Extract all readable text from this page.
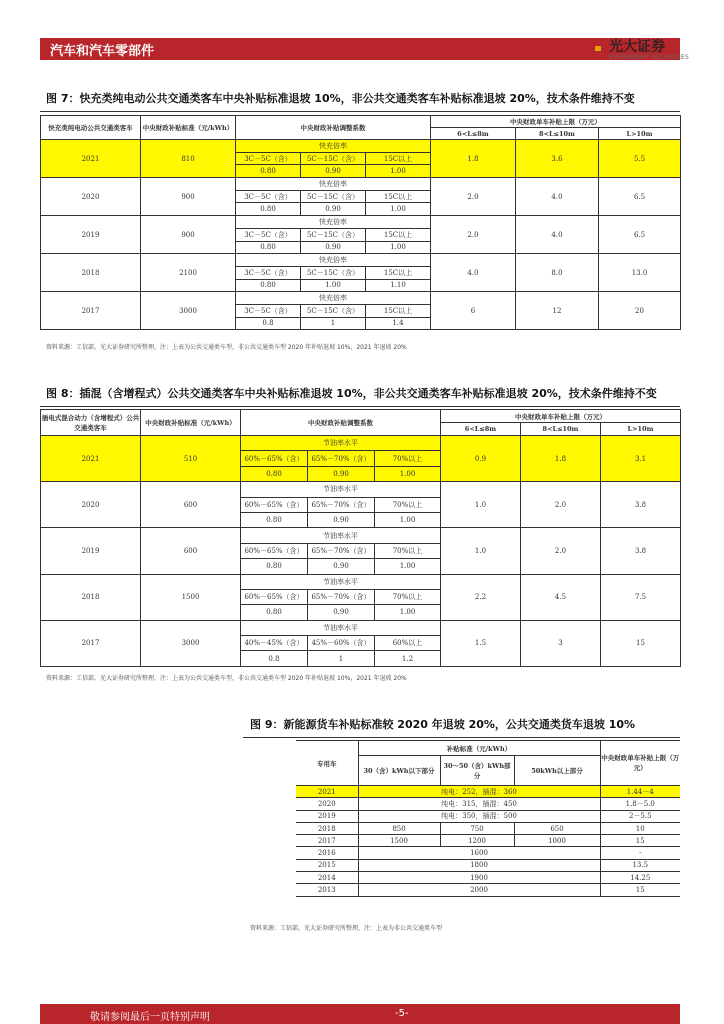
汽车和汽车零部件	光大证券
EVERBRIGHT SECURITIES
图 7：快充类纯电动公共交通类客车中央补贴标准退坡 10%，非公共交通类客车补贴标准退坡 20%，技术条件维持不变
快充类纯电动公共交通类客车	中央财政补贴标准（元/kWh）	中央财政补贴调整系数			中央财政单车补贴上限（万元）		
					6<L≤8m	8<L≤10m	L>10m
2021	810	快充倍率			1.8	3.6	5.5
		3C－5C（含）	5C－15C（含）	15C以上			
		0.80	0.90	1.00			
2020	900	快充倍率			2.0	4.0	6.5
		3C－5C（含）	5C－15C（含）	15C以上			
		0.80	0.90	1.00			
2019	900	快充倍率			2.0	4.0	6.5
		3C－5C（含）	5C－15C（含）	15C以上			
		0.80	0.90	1.00			
2018	2100	快充倍率			4.0	8.0	13.0
		3C－5C（含）	5C－15C（含）	15C以上			
		0.80	1.00	1.10			
2017	3000	快充倍率			6	12	20
		3C－5C（含）	5C－15C（含）	15C以上			
		0.8	1	1.4			
资料来源：工信部，光大证券研究所整理，注：上表为公共交通类车型，非公共交通类车型 2020 年补贴退坡 10%，2021 年退坡 20%
图 8：插混（含增程式）公共交通类客车中央补贴标准退坡 10%，非公共交通类客车补贴标准退坡 20%，技术条件维持不变
插电式混合动力（含增程式）公共交通类客车	中央财政补贴标准（元/kWh）	中央财政补贴调整系数			中央财政单车补贴上限（万元）		
					6<L≤8m	8<L≤10m	L>10m
2021	510	节油率水平			0.9	1.8	3.1
		60%－65%（含）	65%－70%（含）	70%以上			
		0.80	0.90	1.00			
2020	600	节油率水平			1.0	2.0	3.8
		60%－65%（含）	65%－70%（含）	70%以上			
		0.80	0.90	1.00			
2019	600	节油率水平			1.0	2.0	3.8
		60%－65%（含）	65%－70%（含）	70%以上			
		0.80	0.90	1.00			
2018	1500	节油率水平			2.2	4.5	7.5
		60%－65%（含）	65%－70%（含）	70%以上			
		0.80	0.90	1.00			
2017	3000	节油率水平			1.5	3	15
		40%－45%（含）	45%－60%（含）	60%以上			
		0.8	1	1.2			
资料来源：工信部，光大证券研究所整理，注：上表为公共交通类车型，非公共交通类车型 2020 年补贴退坡 10%，2021 年退坡 20%
图 9：新能源货车补贴标准较 2020 年退坡 20%，公共交通类货车退坡 10%
专用车	补贴标准（元/kWh）			中央财政单车补贴上限（万元）
	30（含）kWh以下部分	30～50（含）kWh部分	50kWh以上部分	
2021	纯电：252，插混：360			1.44－4
2020	纯电：315，插混：450			1.8－5.0
2019	纯电：350，插混：500			2－5.5
2018	850	750	650	10
2017	1500	1200	1000	15
2016	1600			-
2015	1800			13.5
2014	1900			14.25
2013	2000			15
资料来源：工信部，光大证券研究所整理，注：上表为非公共交通类车型
敬请参阅最后一页特别声明	-5-
